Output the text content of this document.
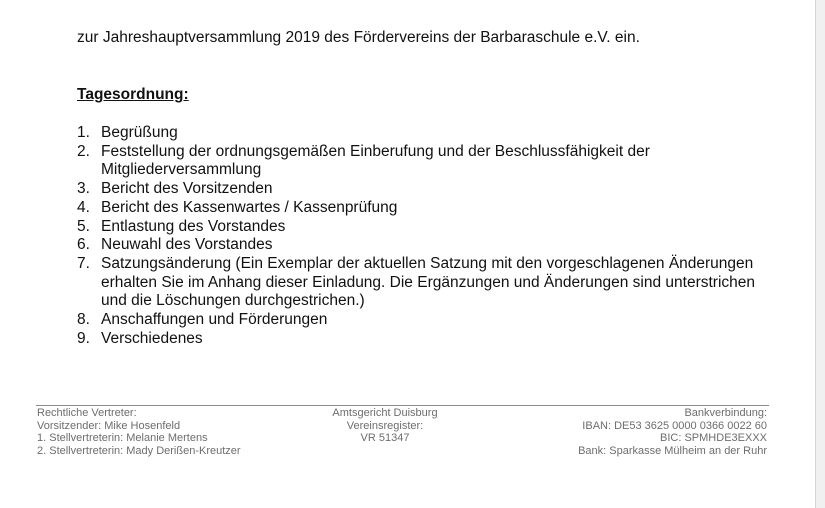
zur Jahreshauptversammlung 2019 des Fördervereins der Barbaraschule e.V. ein.
Tagesordnung:
1. Begrüßung
2. Feststellung der ordnungsgemäßen Einberufung und der Beschlussfähigkeit der Mitgliederversammlung
3. Bericht des Vorsitzenden
4. Bericht des Kassenwartes / Kassenprüfung
5. Entlastung des Vorstandes
6. Neuwahl des Vorstandes
7. Satzungsänderung (Ein Exemplar der aktuellen Satzung mit den vorgeschlagenen Änderungen erhalten Sie im Anhang dieser Einladung. Die Ergänzungen und Änderungen sind unterstrichen und die Löschungen durchgestrichen.)
8. Anschaffungen und Förderungen
9. Verschiedenes
Rechtliche Vertreter:
Vorsitzender: Mike Hosenfeld
1. Stellvertreterin: Melanie Mertens
2. Stellvertreterin: Mady Derißen-Kreutzer
Amtsgericht Duisburg
Vereinsregister:
VR 51347
Bankverbindung:
IBAN: DE53 3625 0000 0366 0022 60
BIC: SPMHDE3EXXX
Bank: Sparkasse Mülheim an der Ruhr
